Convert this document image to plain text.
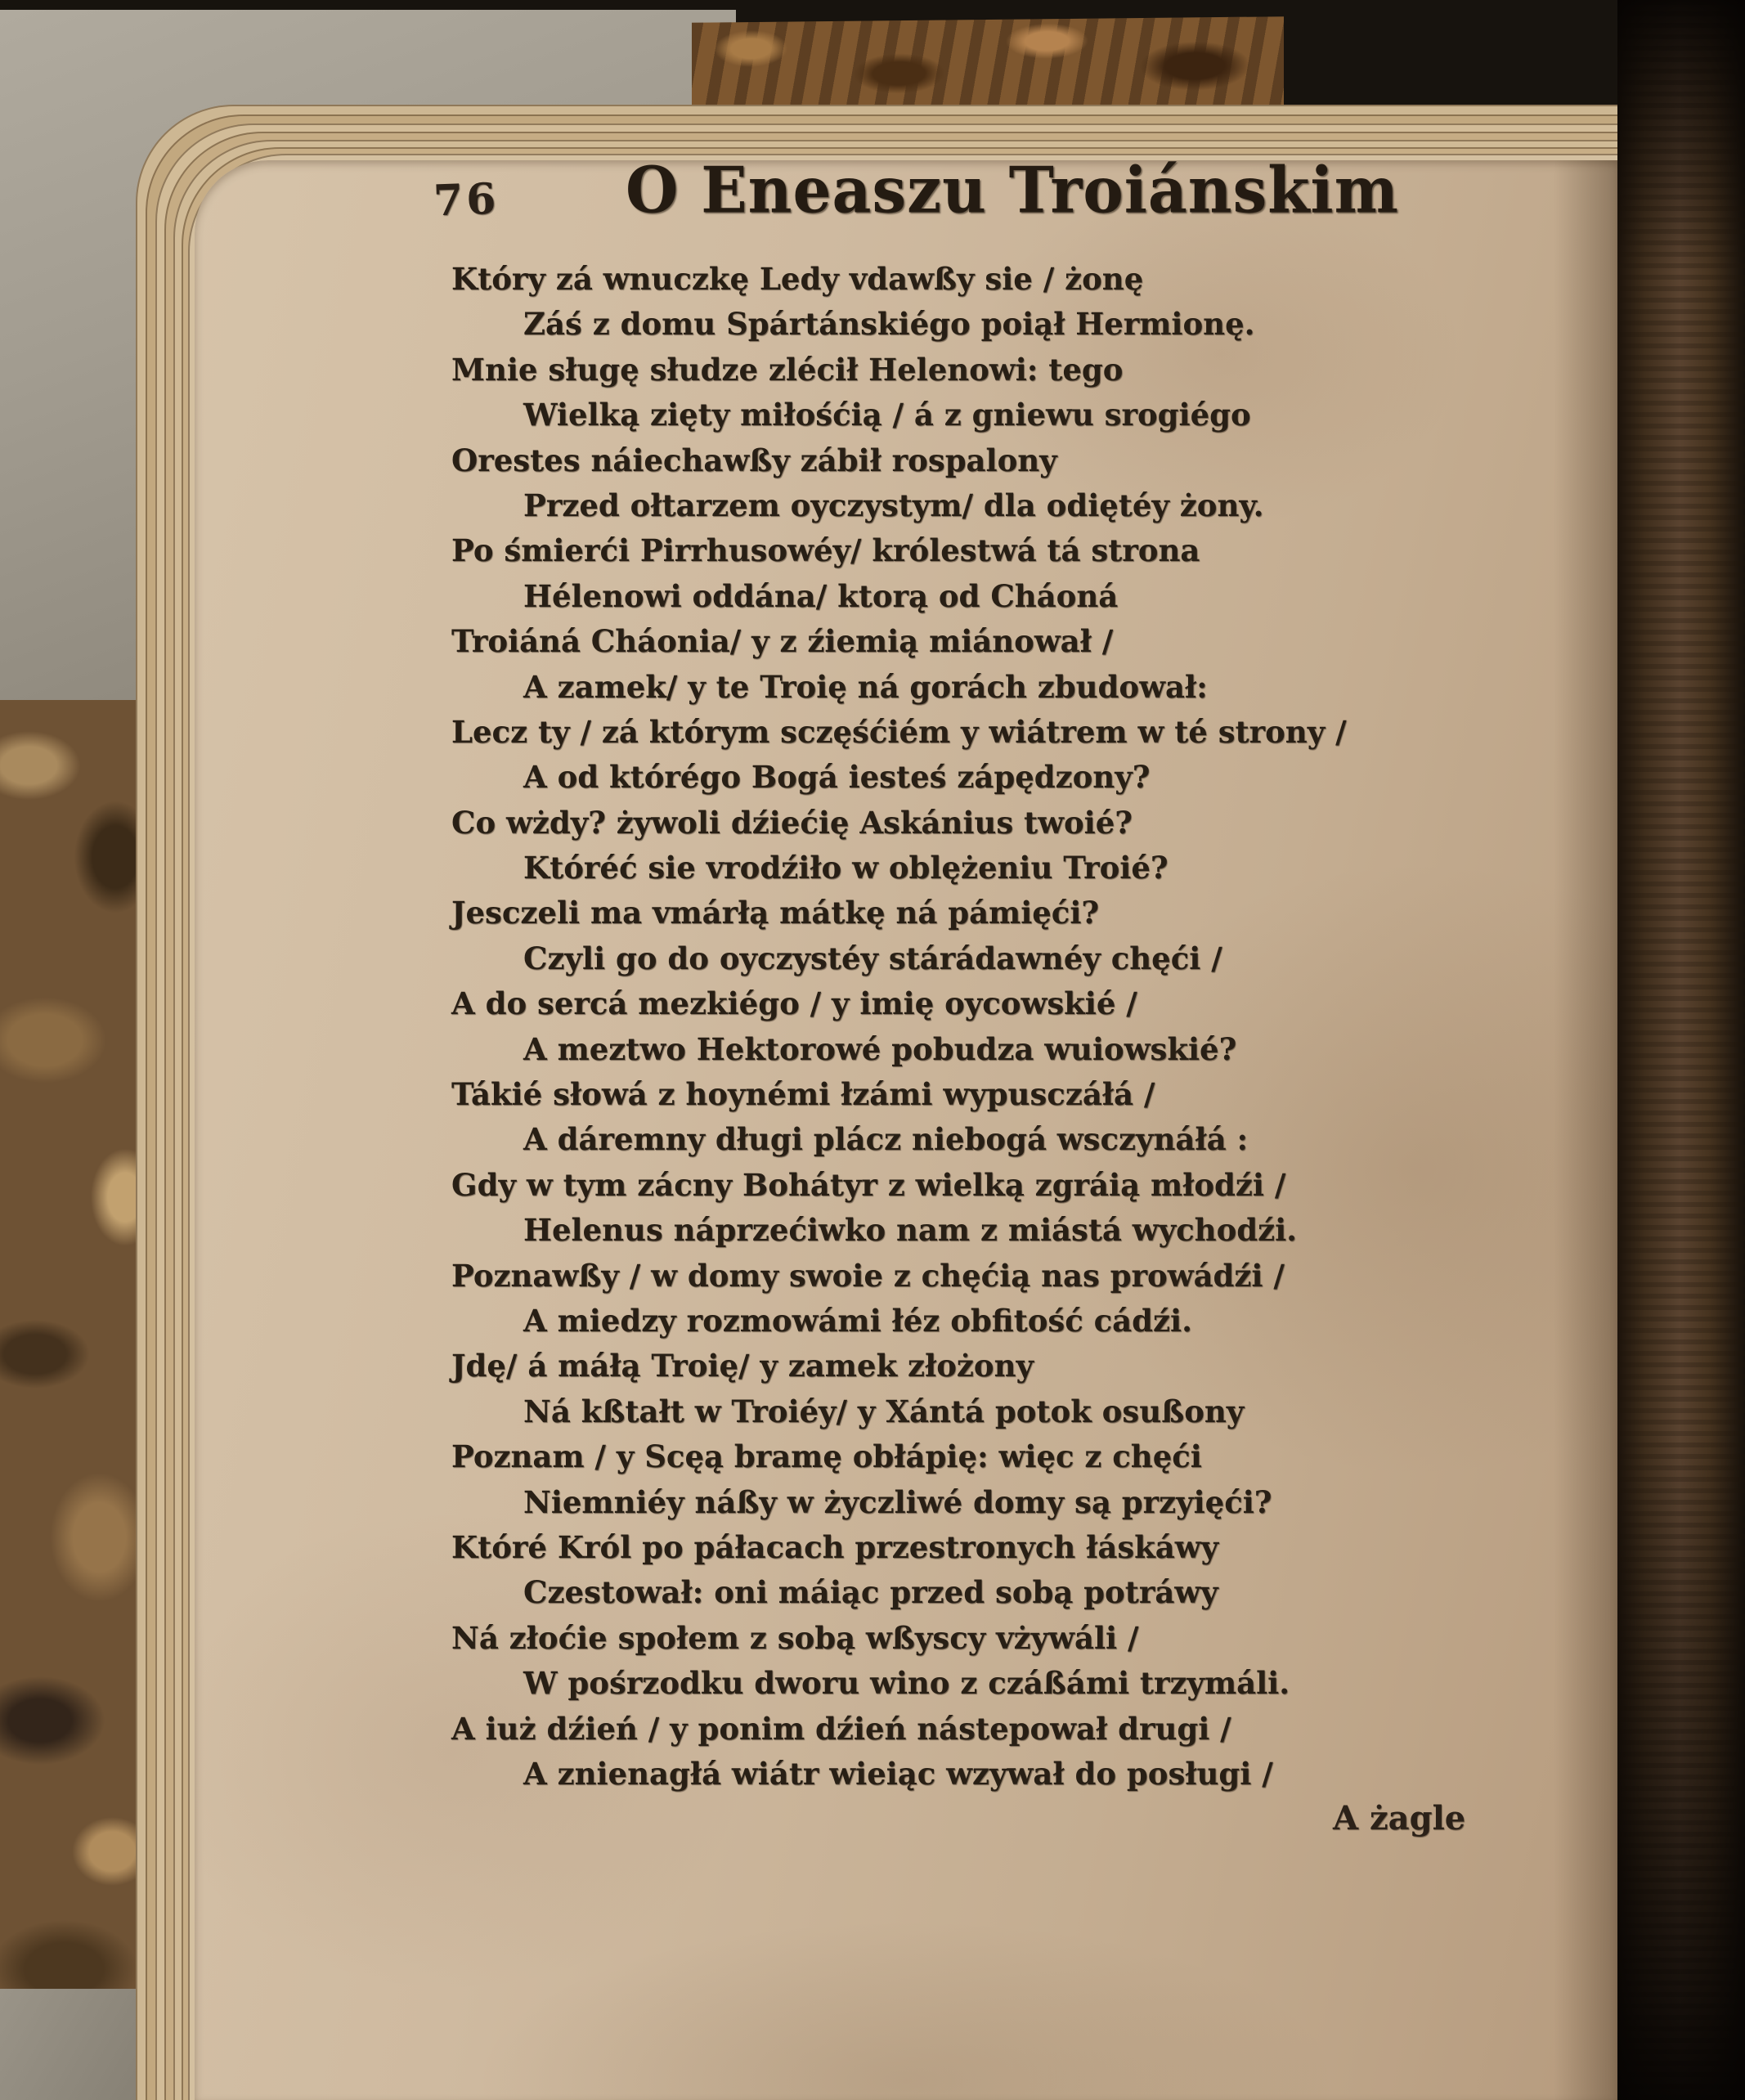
76	O Eneaszu Troiánskim
Który zá wnuczkę Ledy vdawßy sie / żonę
Záś z domu Spártánskiégo poiął Hermionę.
Mnie sługę słudze zlécił Helenowi: tego
Wielką zięty miłośćią / á z gniewu srogiégo
Orestes náiechawßy zábił rospalony
Przed ołtarzem oyczystym/ dla odiętéy żony.
Po śmierći Pirrhusowéy/ królestwá tá strona
Hélenowi oddána/ ktorą od Cháoná
Troiáná Cháonia/ y z źiemią miánował /
A zamek/ y te Troię ná gorách zbudował:
Lecz ty / zá którym sczęśćiém y wiátrem w té strony /
A od którégo Bogá iesteś zápędzony?
Co wżdy? żywoli dźiećię Askánius twoié?
Któréć sie vrodźiło w oblężeniu Troié?
Jesczeli ma vmárłą mátkę ná pámięći?
Czyli go do oyczystéy stárádawnéy chęći /
A do sercá mezkiégo / y imię oycowskié /
A meztwo Hektorowé pobudza wuiowskié?
Tákié słowá z hoynémi łzámi wypusczáłá /
A dáremny długi plácz niebogá wsczynáłá :
Gdy w tym zácny Bohátyr z wielką zgráią młodźi /
Helenus náprzećiwko nam z miástá wychodźi.
Poznawßy / w domy swoie z chęćią nas prowádźi /
A miedzy rozmowámi łéz obfitość cádźi.
Jdę/ á máłą Troię/ y zamek złożony
Ná kßtałt w Troiéy/ y Xántá potok osußony
Poznam / y Scęą bramę obłápię: więc z chęći
Niemniéy náßy w życzliwé domy są przyięći?
Któré Król po páłacach przestronych łáskáwy
Czestował: oni máiąc przed sobą potráwy
Ná złoćie społem z sobą wßyscy vżywáli /
W pośrzodku dworu wino z czáßámi trzymáli.
A iuż dźień / y ponim dźień nástepował drugi /
A znienagłá wiátr wieiąc wzywał do posługi /
A żagle
